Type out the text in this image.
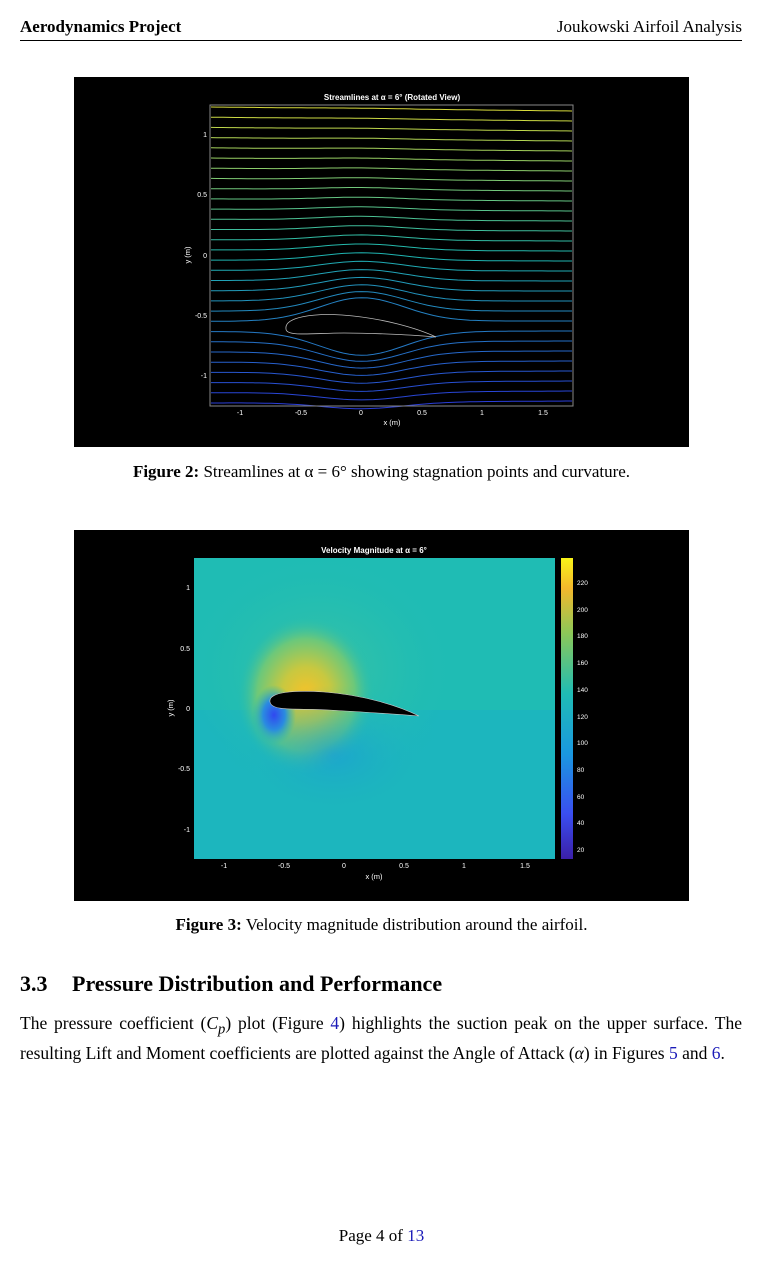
Aerodynamics Project	Joukowski Airfoil Analysis
Streamlines at α = 6° (Rotated View)
-1	-0.5	0	0.5	1	1.5
1
0.5
0
-0.5
-1
x (m)
y (m)
Figure 2: Streamlines at α = 6° showing stagnation points and curvature.
Velocity Magnitude at α = 6°
220
200
180
160
140
120
100
80
60
40
20
-1	-0.5	0	0.5	1	1.5
1
0.5
0
-0.5
-1
x (m)
y (m)
Figure 3: Velocity magnitude distribution around the airfoil.
3.3 Pressure Distribution and Performance
The pressure coefficient $(C_p)$ plot (Figure 4) highlights the suction peak on the upper surface. The resulting Lift and Moment coefficients are plotted against the Angle of Attack (α) in Figures 5 and 6.
Page 4 of 13
